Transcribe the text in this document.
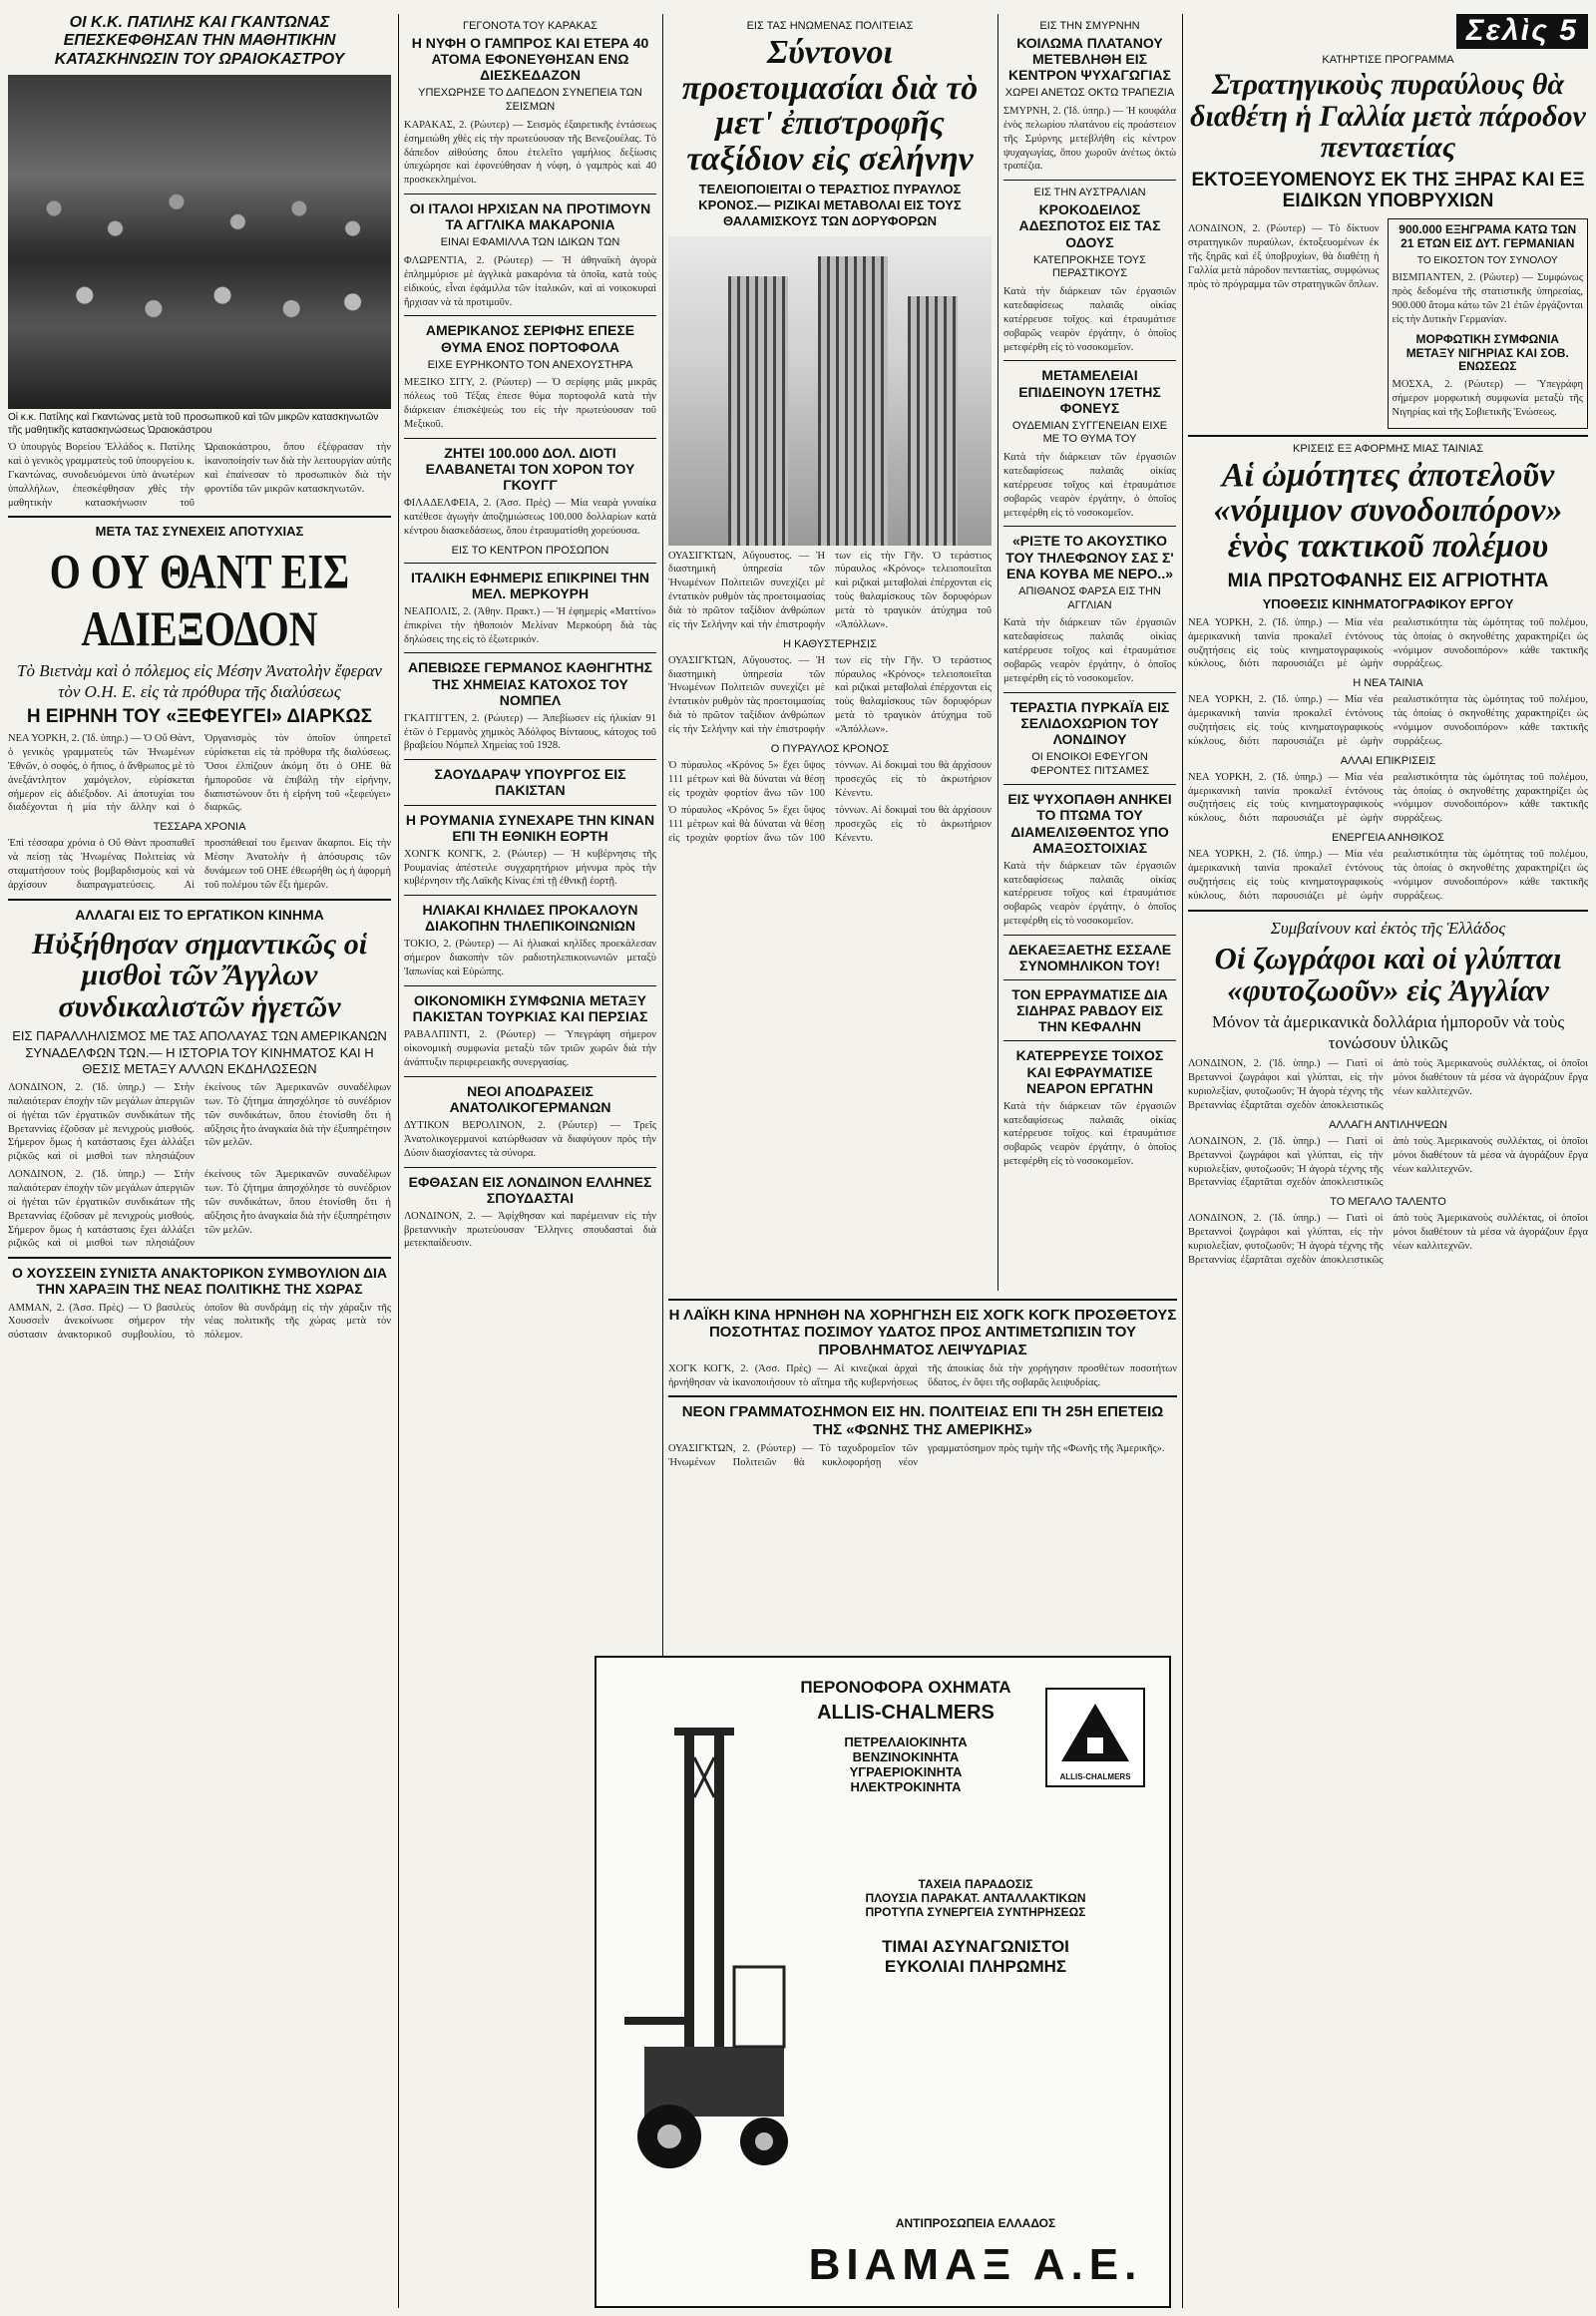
ΟΙ Κ.Κ. ΠΑΤΙΛΗΣ ΚΑΙ ΓΚΑΝΤΩΝΑΣ ΕΠΕΣΚΕΦΘΗΣΑΝ ΤΗΝ ΜΑΘΗΤΙΚΗΝ ΚΑΤΑΣΚΗΝΩΣΙΝ ΤΟΥ ΩΡΑΙΟΚΑΣΤΡΟΥ
Οἱ κ.κ. Πατίλης καὶ Γκαντώνας μετὰ τοῦ προσωπικοῦ καὶ τῶν μικρῶν κατασκηνωτῶν τῆς μαθητικῆς κατασκηνώσεως Ὡραιοκάστρου
Ὁ ὑπουργὸς Βορείου Ἑλλάδος κ. Πατίλης καὶ ὁ γενικὸς γραμματεὺς τοῦ ὑπουργείου κ. Γκαντώνας, συνοδευόμενοι ὑπὸ ἀνωτέρων ὑπαλλήλων, ἐπεσκέφθησαν χθὲς τὴν μαθητικὴν κατασκήνωσιν τοῦ Ὡραιοκάστρου, ὅπου ἐξέφρασαν τὴν ἱκανοποίησίν των διὰ τὴν λειτουργίαν αὐτῆς καὶ ἐπαίνεσαν τὸ προσωπικὸν διὰ τὴν φροντίδα τῶν μικρῶν κατασκηνωτῶν.
ΜΕΤΑ ΤΑΣ ΣΥΝΕΧΕΙΣ ΑΠΟΤΥΧΙΑΣ
Ο ΟΥ ΘΑΝΤ ΕΙΣ ΑΔΙΕΞΟΔΟΝ
Τὸ Βιετνὰμ καὶ ὁ πόλεμος εἰς Μέσην Ἀνατολὴν ἔφεραν τὸν Ο.Η. Ε. εἰς τὰ πρόθυρα τῆς διαλύσεως
Η ΕΙΡΗΝΗ ΤΟΥ «ΞΕΦΕΥΓΕΙ» ΔΙΑΡΚΩΣ
ΝΕΑ ΥΟΡΚΗ, 2. (Ἰδ. ὑπηρ.) — Ὁ Οὔ Θὰντ, ὁ γενικὸς γραμματεὺς τῶν Ἡνωμένων Ἐθνῶν, ὁ σοφός, ὁ ἤπιος, ὁ ἄνθρωπος μὲ τὸ ἀνεξάντλητον χαμόγελον, εὑρίσκεται σήμερον εἰς ἀδιέξοδον. Αἱ ἀποτυχίαι του διαδέχονται ἡ μία τὴν ἄλλην καὶ ὁ Ὀργανισμὸς τὸν ὁποῖον ὑπηρετεῖ εὑρίσκεται εἰς τὰ πρόθυρα τῆς διαλύσεως. Ὅσοι ἐλπίζουν ἀκόμη ὅτι ὁ ΟΗΕ θὰ ἠμποροῦσε νὰ ἐπιβάλῃ τὴν εἰρήνην, διαπιστώνουν ὅτι ἡ εἰρήνη τοῦ «ξεφεύγει» διαρκῶς.
ΤΕΣΣΑΡΑ ΧΡΟΝΙΑ
Ἐπὶ τέσσαρα χρόνια ὁ Οὔ Θὰντ προσπαθεῖ νὰ πείσῃ τὰς Ἡνωμένας Πολιτείας νὰ σταματήσουν τοὺς βομβαρδισμοὺς καὶ νὰ ἀρχίσουν διαπραγματεύσεις. Αἱ προσπάθειαί του ἔμειναν ἄκαρποι. Εἰς τὴν Μέσην Ἀνατολὴν ἡ ἀπόσυρσις τῶν δυνάμεων τοῦ ΟΗΕ ἐθεωρήθη ὡς ἡ ἀφορμὴ τοῦ πολέμου τῶν ἕξι ἡμερῶν.
ΑΛΛΑΓΑΙ ΕΙΣ ΤΟ ΕΡΓΑΤΙΚΟΝ ΚΙΝΗΜΑ
Ηὐξήθησαν σημαντικῶς οἱ μισθοὶ τῶν Ἄγγλων συνδικαλιστῶν ἡγετῶν
ΕΙΣ ΠΑΡΑΛΛΗΛΙΣΜΟΣ ΜΕ ΤΑΣ ΑΠΟΛΑΥΑΣ ΤΩΝ ΑΜΕΡΙΚΑΝΩΝ ΣΥΝΑΔΕΛΦΩΝ ΤΩΝ.— Η ΙΣΤΟΡΙΑ ΤΟΥ ΚΙΝΗΜΑΤΟΣ ΚΑΙ Η ΘΕΣΙΣ ΜΕΤΑΞΥ ΑΛΛΩΝ ΕΚΔΗΛΩΣΕΩΝ
ΛΟΝΔΙΝΟΝ, 2. (Ἰδ. ὑπηρ.) — Στὴν παλαιότεραν ἐποχὴν τῶν μεγάλων ἀπεργιῶν οἱ ἡγέται τῶν ἐργατικῶν συνδικάτων τῆς Βρεταννίας ἐζοῦσαν μὲ πενιχροὺς μισθούς. Σήμερον ὅμως ἡ κατάστασις ἔχει ἀλλάξει ριζικῶς καὶ οἱ μισθοὶ των πλησιάζουν ἐκείνους τῶν Ἀμερικανῶν συναδέλφων των. Τὸ ζήτημα ἀπησχόλησε τὸ συνέδριον τῶν συνδικάτων, ὅπου ἐτονίσθη ὅτι ἡ αὔξησις ἦτο ἀναγκαία διὰ τὴν ἐξυπηρέτησιν τῶν μελῶν.
ΛΟΝΔΙΝΟΝ, 2. (Ἰδ. ὑπηρ.) — Στὴν παλαιότεραν ἐποχὴν τῶν μεγάλων ἀπεργιῶν οἱ ἡγέται τῶν ἐργατικῶν συνδικάτων τῆς Βρεταννίας ἐζοῦσαν μὲ πενιχροὺς μισθούς. Σήμερον ὅμως ἡ κατάστασις ἔχει ἀλλάξει ριζικῶς καὶ οἱ μισθοὶ των πλησιάζουν ἐκείνους τῶν Ἀμερικανῶν συναδέλφων των. Τὸ ζήτημα ἀπησχόλησε τὸ συνέδριον τῶν συνδικάτων, ὅπου ἐτονίσθη ὅτι ἡ αὔξησις ἦτο ἀναγκαία διὰ τὴν ἐξυπηρέτησιν τῶν μελῶν.
Ο ΧΟΥΣΣΕΙΝ ΣΥΝΙΣΤΑ ΑΝΑΚΤΟΡΙΚΟΝ ΣΥΜΒΟΥΛΙΟΝ ΔΙΑ ΤΗΝ ΧΑΡΑΞΙΝ ΤΗΣ ΝΕΑΣ ΠΟΛΙΤΙΚΗΣ ΤΗΣ ΧΩΡΑΣ
ΑΜΜΑΝ, 2. (Ἀσσ. Πρὲς) — Ὁ βασιλεὺς Χουσσεῒν ἀνεκοίνωσε σήμερον τὴν σύστασιν ἀνακτορικοῦ συμβουλίου, τὸ ὁποῖον θὰ συνδράμῃ εἰς τὴν χάραξιν τῆς νέας πολιτικῆς τῆς χώρας μετὰ τὸν πόλεμον.
ΓΕΓΟΝΟΤΑ ΤΟΥ ΚΑΡΑΚΑΣ
Η ΝΥΦΗ Ο ΓΑΜΠΡΟΣ ΚΑΙ ΕΤΕΡΑ 40 ΑΤΟΜΑ ΕΦΟΝΕΥΘΗΣΑΝ ΕΝΩ ΔΙΕΣΚΕΔΑΖΟΝ
ΥΠΕΧΩΡΗΣΕ ΤΟ ΔΑΠΕΔΟΝ ΣΥΝΕΠΕΙΑ ΤΩΝ ΣΕΙΣΜΩΝ
ΚΑΡΑΚΑΣ, 2. (Ρώυτερ) — Σεισμὸς ἐξαιρετικῆς ἐντάσεως ἐσημειώθη χθὲς εἰς τὴν πρωτεύουσαν τῆς Βενεζουέλας. Τὸ δάπεδον αἰθούσης ὅπου ἐτελεῖτο γαμήλιος δεξίωσις ὑπεχώρησε καὶ ἐφονεύθησαν ἡ νύφη, ὁ γαμπρὸς καὶ 40 προσκεκλημένοι.
ΟΙ ΙΤΑΛΟΙ ΗΡΧΙΣΑΝ ΝΑ ΠΡΟΤΙΜΟΥΝ ΤΑ ΑΓΓΛΙΚΑ ΜΑΚΑΡΟΝΙΑ
ΕΙΝΑΙ ΕΦΑΜΙΛΛΑ ΤΩΝ ΙΔΙΚΩΝ ΤΩΝ
ΦΛΩΡΕΝΤΙΑ, 2. (Ρώυτερ) — Ἡ ἀθηναϊκὴ ἀγορὰ ἐπλημμύρισε μὲ ἀγγλικὰ μακαρόνια τὰ ὁποῖα, κατὰ τοὺς εἰδικούς, εἶναι ἐφάμιλλα τῶν ἰταλικῶν, καὶ αἱ νοικοκυραὶ ἤρχισαν νὰ τὰ προτιμοῦν.
ΑΜΕΡΙΚΑΝΟΣ ΣΕΡΙΦΗΣ ΕΠΕΣΕ ΘΥΜΑ ΕΝΟΣ ΠΟΡΤΟΦΟΛΑ
ΕΙΧΕ ΕΥΡΗΚΟΝΤΟ ΤΟΝ ΑΝΕΧΟΥΣΤΗΡΑ
ΜΕΞΙΚΟ ΣΙΤΥ, 2. (Ρώυτερ) — Ὁ σερίφης μιᾶς μικρᾶς πόλεως τοῦ Τέξας ἐπεσε θύμα πορτοφολᾶ κατὰ τὴν διάρκειαν ἐπισκέψεώς του εἰς τὴν πρωτεύουσαν τοῦ Μεξικοῦ.
ΖΗΤΕΙ 100.000 ΔΟΛ. ΔΙΟΤΙ ΕΛΑΒΑΝΕΤΑΙ ΤΟΝ ΧΟΡΟΝ ΤΟΥ ΓΚΟΥΓΓ
ΦΙΛΑΔΕΛΦΕΙΑ, 2. (Ἀσσ. Πρὲς) — Μία νεαρὰ γυναίκα κατέθεσε ἀγωγὴν ἀποζημιώσεως 100.000 δολλαρίων κατὰ κέντρου διασκεδάσεως, ὅπου ἐτραυματίσθη χορεύουσα.
ΕΙΣ ΤΟ ΚΕΝΤΡΟΝ ΠΡΟΣΩΠΟΝ
ΙΤΑΛΙΚΗ ΕΦΗΜΕΡΙΣ ΕΠΙΚΡΙΝΕΙ ΤΗΝ ΜΕΛ. ΜΕΡΚΟΥΡΗ
ΝΕΑΠΟΛΙΣ, 2. (Ἀθην. Πρακτ.) — Ἡ ἐφημερὶς «Ματτίνο» ἐπικρίνει τὴν ἠθοποιὸν Μελίναν Μερκούρη διὰ τὰς δηλώσεις της εἰς τὸ ἐξωτερικόν.
ΑΠΕΒΙΩΣΕ ΓΕΡΜΑΝΟΣ ΚΑΘΗΓΗΤΗΣ ΤΗΣ ΧΗΜΕΙΑΣ ΚΑΤΟΧΟΣ ΤΟΥ ΝΟΜΠΕΛ
ΓΚΑΙΤΙΓΓΕΝ, 2. (Ρώυτερ) — Ἀπεβίωσεν εἰς ἡλικίαν 91 ἐτῶν ὁ Γερμανὸς χημικὸς Ἀδόλφος Βίνταους, κάτοχος τοῦ βραβείου Νόμπελ Χημείας τοῦ 1928.
ΣΑΟΥΔΑΡΑΨ ΥΠΟΥΡΓΟΣ ΕΙΣ ΠΑΚΙΣΤΑΝ
Η ΡΟΥΜΑΝΙΑ ΣΥΝΕΧΑΡΕ ΤΗΝ ΚΙΝΑΝ ΕΠΙ ΤΗ ΕΘΝΙΚΗ ΕΟΡΤΗ
ΧΟΝΓΚ ΚΟΝΓΚ, 2. (Ρώυτερ) — Ἡ κυβέρνησις τῆς Ρουμανίας ἀπέστειλε συγχαρητήριον μήνυμα πρὸς τὴν κυβέρνησιν τῆς Λαϊκῆς Κίνας ἐπὶ τῇ ἐθνικῇ ἑορτῇ.
ΗΛΙΑΚΑΙ ΚΗΛΙΔΕΣ ΠΡΟΚΑΛΟΥΝ ΔΙΑΚΟΠΗΝ ΤΗΛΕΠΙΚΟΙΝΩΝΙΩΝ
ΤΟΚΙΟ, 2. (Ρώυτερ) — Αἱ ἡλιακαὶ κηλῖδες προεκάλεσαν σήμερον διακοπὴν τῶν ραδιοτηλεπικοινωνιῶν μεταξὺ Ἰαπωνίας καὶ Εὐρώπης.
ΟΙΚΟΝΟΜΙΚΗ ΣΥΜΦΩΝΙΑ ΜΕΤΑΞΥ ΠΑΚΙΣΤΑΝ ΤΟΥΡΚΙΑΣ ΚΑΙ ΠΕΡΣΙΑΣ
ΡΑΒΑΛΠΙΝΤΙ, 2. (Ρώυτερ) — Ὑπεγράφη σήμερον οἰκονομικὴ συμφωνία μεταξὺ τῶν τριῶν χωρῶν διὰ τὴν ἀνάπτυξιν περιφερειακῆς συνεργασίας.
ΝΕΟΙ ΑΠΟΔΡΑΣΕΙΣ ΑΝΑΤΟΛΙΚΟΓΕΡΜΑΝΩΝ
ΔΥΤΙΚΟΝ ΒΕΡΟΛΙΝΟΝ, 2. (Ρώυτερ) — Τρεῖς Ἀνατολικογερμανοὶ κατώρθωσαν νὰ διαφύγουν πρὸς τὴν Δύσιν διασχίσαντες τὰ σύνορα.
ΕΦΘΑΣΑΝ ΕΙΣ ΛΟΝΔΙΝΟΝ ΕΛΛΗΝΕΣ ΣΠΟΥΔΑΣΤΑΙ
ΛΟΝΔΙΝΟΝ, 2. — Ἀφίχθησαν καὶ παρέμειναν εἰς τὴν βρεταννικὴν πρωτεύουσαν Ἕλληνες σπουδασταὶ διὰ μετεκπαίδευσιν.
ΕΙΣ ΤΑΣ ΗΝΩΜΕΝΑΣ ΠΟΛΙΤΕΙΑΣ
Σύντονοι προετοιμασίαι διὰ τὸ μετ' ἐπιστροφῆς ταξίδιον εἰς σελήνην
ΤΕΛΕΙΟΠΟΙΕΙΤΑΙ Ο ΤΕΡΑΣΤΙΟΣ ΠΥΡΑΥΛΟΣ ΚΡΟΝΟΣ.— ΡΙΖΙΚΑΙ ΜΕΤΑΒΟΛΑΙ ΕΙΣ ΤΟΥΣ ΘΑΛΑΜΙΣΚΟΥΣ ΤΩΝ ΔΟΡΥΦΟΡΩΝ
ΟΥΑΣΙΓΚΤΩΝ, Αὔγουστος. — Ἡ διαστημικὴ ὑπηρεσία τῶν Ἡνωμένων Πολιτειῶν συνεχίζει μὲ ἐντατικὸν ρυθμὸν τὰς προετοιμασίας διὰ τὸ πρῶτον ταξίδιον ἀνθρώπων εἰς τὴν Σελήνην καὶ τὴν ἐπιστροφήν των εἰς τὴν Γῆν. Ὁ τεράστιος πύραυλος «Κρόνος» τελειοποιεῖται καὶ ριζικαὶ μεταβολαὶ ἐπέρχονται εἰς τοὺς θαλαμίσκους τῶν δορυφόρων μετὰ τὸ τραγικὸν ἀτύχημα τοῦ «Ἀπόλλων».
Η ΚΑΘΥΣΤΕΡΗΣΙΣ
ΟΥΑΣΙΓΚΤΩΝ, Αὔγουστος. — Ἡ διαστημικὴ ὑπηρεσία τῶν Ἡνωμένων Πολιτειῶν συνεχίζει μὲ ἐντατικὸν ρυθμὸν τὰς προετοιμασίας διὰ τὸ πρῶτον ταξίδιον ἀνθρώπων εἰς τὴν Σελήνην καὶ τὴν ἐπιστροφήν των εἰς τὴν Γῆν. Ὁ τεράστιος πύραυλος «Κρόνος» τελειοποιεῖται καὶ ριζικαὶ μεταβολαὶ ἐπέρχονται εἰς τοὺς θαλαμίσκους τῶν δορυφόρων μετὰ τὸ τραγικὸν ἀτύχημα τοῦ «Ἀπόλλων».
Ο ΠΥΡΑΥΛΟΣ ΚΡΟΝΟΣ
Ὁ πύραυλος «Κρόνος 5» ἔχει ὕψος 111 μέτρων καὶ θὰ δύναται νὰ θέσῃ εἰς τροχιὰν φορτίον ἄνω τῶν 100 τόννων. Αἱ δοκιμαὶ του θὰ ἀρχίσουν προσεχῶς εἰς τὸ ἀκρωτήριον Κένεντυ.
Ὁ πύραυλος «Κρόνος 5» ἔχει ὕψος 111 μέτρων καὶ θὰ δύναται νὰ θέσῃ εἰς τροχιὰν φορτίον ἄνω τῶν 100 τόννων. Αἱ δοκιμαὶ του θὰ ἀρχίσουν προσεχῶς εἰς τὸ ἀκρωτήριον Κένεντυ.
Η ΛΑΪΚΗ ΚΙΝΑ ΗΡΝΗΘΗ ΝΑ ΧΟΡΗΓΗΣΗ ΕΙΣ ΧΟΓΚ ΚΟΓΚ ΠΡΟΣΘΕΤΟΥΣ ΠΟΣΟΤΗΤΑΣ ΠΟΣΙΜΟΥ ΥΔΑΤΟΣ ΠΡΟΣ ΑΝΤΙΜΕΤΩΠΙΣΙΝ ΤΟΥ ΠΡΟΒΛΗΜΑΤΟΣ ΛΕΙΨΥΔΡΙΑΣ
ΧΟΓΚ ΚΟΓΚ, 2. (Ἀσσ. Πρὲς) — Αἱ κινεζικαὶ ἀρχαὶ ἠρνήθησαν νὰ ἱκανοποιήσουν τὸ αἴτημα τῆς κυβερνήσεως τῆς ἀποικίας διὰ τὴν χορήγησιν προσθέτων ποσοτήτων ὕδατος, ἐν ὄψει τῆς σοβαρᾶς λειψυδρίας.
ΝΕΟΝ ΓΡΑΜΜΑΤΟΣΗΜΟΝ ΕΙΣ ΗΝ. ΠΟΛΙΤΕΙΑΣ ΕΠΙ ΤΗ 25Η ΕΠΕΤΕΙΩ ΤΗΣ «ΦΩΝΗΣ ΤΗΣ ΑΜΕΡΙΚΗΣ»
ΟΥΑΣΙΓΚΤΩΝ, 2. (Ρώυτερ) — Τὸ ταχυδρομεῖον τῶν Ἡνωμένων Πολιτειῶν θὰ κυκλοφορήσῃ νέον γραμματόσημον πρὸς τιμὴν τῆς «Φωνῆς τῆς Ἀμερικῆς».
ΕΙΣ ΤΗΝ ΣΜΥΡΝΗΝ
ΚΟΙΛΩΜΑ ΠΛΑΤΑΝΟΥ ΜΕΤΕΒΛΗΘΗ ΕΙΣ ΚΕΝΤΡΟΝ ΨΥΧΑΓΩΓΙΑΣ
ΧΩΡΕΙ ΑΝΕΤΩΣ ΟΚΤΩ ΤΡΑΠΕΖΙΑ
ΣΜΥΡΝΗ, 2. (Ἰδ. ὑπηρ.) — Ἡ κουφάλα ἑνὸς πελωρίου πλατάνου εἰς προάστειον τῆς Σμύρνης μετεβλήθη εἰς κέντρον ψυχαγωγίας, ὅπου χωροῦν ἀνέτως ὀκτὼ τραπέζια.
ΕΙΣ ΤΗΝ ΑΥΣΤΡΑΛΙΑΝ
ΚΡΟΚΟΔΕΙΛΟΣ ΑΔΕΣΠΟΤΟΣ ΕΙΣ ΤΑΣ ΟΔΟΥΣ
ΚΑΤΕΠΡΟΚΗΣΕ ΤΟΥΣ ΠΕΡΑΣΤΙΚΟΥΣ
Κατὰ τὴν διάρκειαν τῶν ἐργασιῶν κατεδαφίσεως παλαιᾶς οἰκίας κατέρρευσε τοῖχος καὶ ἐτραυμάτισε σοβαρῶς νεαρὸν ἐργάτην, ὁ ὁποῖος μετεφέρθη εἰς τὸ νοσοκομεῖον.
ΜΕΤΑΜΕΛΕΙΑΙ ΕΠΙΔΕΙΝΟΥΝ 17ΕΤΗΣ ΦΟΝΕΥΣ
ΟΥΔΕΜΙΑΝ ΣΥΓΓΕΝΕΙΑΝ ΕΙΧΕ ΜΕ ΤΟ ΘΥΜΑ ΤΟΥ
Κατὰ τὴν διάρκειαν τῶν ἐργασιῶν κατεδαφίσεως παλαιᾶς οἰκίας κατέρρευσε τοῖχος καὶ ἐτραυμάτισε σοβαρῶς νεαρὸν ἐργάτην, ὁ ὁποῖος μετεφέρθη εἰς τὸ νοσοκομεῖον.
«ΡΙΞΤΕ ΤΟ ΑΚΟΥΣΤΙΚΟ ΤΟΥ ΤΗΛΕΦΩΝΟΥ ΣΑΣ Σ' ΕΝΑ ΚΟΥΒΑ ΜΕ ΝΕΡΟ..»
ΑΠΙΘΑΝΟΣ ΦΑΡΣΑ ΕΙΣ ΤΗΝ ΑΓΓΛΙΑΝ
Κατὰ τὴν διάρκειαν τῶν ἐργασιῶν κατεδαφίσεως παλαιᾶς οἰκίας κατέρρευσε τοῖχος καὶ ἐτραυμάτισε σοβαρῶς νεαρὸν ἐργάτην, ὁ ὁποῖος μετεφέρθη εἰς τὸ νοσοκομεῖον.
ΤΕΡΑΣΤΙΑ ΠΥΡΚΑΪΑ ΕΙΣ ΣΕΛΙΔΟΧΩΡΙΟΝ ΤΟΥ ΛΟΝΔΙΝΟΥ
ΟΙ ΕΝΟΙΚΟΙ ΕΦΕΥΓΟΝ ΦΕΡΟΝΤΕΣ ΠΙΤΣΑΜΕΣ
ΕΙΣ ΨΥΧΟΠΑΘΗ ΑΝΗΚΕΙ ΤΟ ΠΤΩΜΑ ΤΟΥ ΔΙΑΜΕΛΙΣΘΕΝΤΟΣ ΥΠΟ ΑΜΑΞΟΣΤΟΙΧΙΑΣ
Κατὰ τὴν διάρκειαν τῶν ἐργασιῶν κατεδαφίσεως παλαιᾶς οἰκίας κατέρρευσε τοῖχος καὶ ἐτραυμάτισε σοβαρῶς νεαρὸν ἐργάτην, ὁ ὁποῖος μετεφέρθη εἰς τὸ νοσοκομεῖον.
ΔΕΚΑΕΞΑΕΤΗΣ ΕΣΣΑΛΕ ΣΥΝΟΜΗΛΙΚΟΝ ΤΟΥ!
ΤΟΝ ΕΡΡΑΥΜΑΤΙΣΕ ΔΙΑ ΣΙΔΗΡΑΣ ΡΑΒΔΟΥ ΕΙΣ ΤΗΝ ΚΕΦΑΛΗΝ
ΚΑΤΕΡΡΕΥΣΕ ΤΟΙΧΟΣ ΚΑΙ ΕΦΡΑΥΜΑΤΙΣΕ ΝΕΑΡΟΝ ΕΡΓΑΤΗΝ
Κατὰ τὴν διάρκειαν τῶν ἐργασιῶν κατεδαφίσεως παλαιᾶς οἰκίας κατέρρευσε τοῖχος καὶ ἐτραυμάτισε σοβαρῶς νεαρὸν ἐργάτην, ὁ ὁποῖος μετεφέρθη εἰς τὸ νοσοκομεῖον.
ΠΕΡΟΝΟΦΟΡΑ ΟΧΗΜΑΤΑ
ALLIS-CHALMERS
ΠΕΤΡΕΛΑΙΟΚΙΝΗΤΑ
ΒΕΝΖΙΝΟΚΙΝΗΤΑ
ΥΓΡΑΕΡΙΟΚΙΝΗΤΑ
ΗΛΕΚΤΡΟΚΙΝΗΤΑ
ALLIS-CHALMERS
ΤΑΧΕΙΑ ΠΑΡΑΔΟΣΙΣ
ΠΛΟΥΣΙΑ ΠΑΡΑΚΑΤ. ΑΝΤΑΛΛΑΚΤΙΚΩΝ
ΠΡΟΤΥΠΑ ΣΥΝΕΡΓΕΙΑ ΣΥΝΤΗΡΗΣΕΩΣ
ΤΙΜΑΙ ΑΣΥΝΑΓΩΝΙΣΤΟΙ
ΕΥΚΟΛΙΑΙ ΠΛΗΡΩΜΗΣ
ΑΝΤΙΠΡΟΣΩΠΕΙΑ ΕΛΛΑΔΟΣ
ΒΙΑΜΑΞ Α.Ε.
Σελὶς 5
ΚΑΤΗΡΤΙΣΕ ΠΡΟΓΡΑΜΜΑ
Στρατηγικοὺς πυραύλους θὰ διαθέτη ἡ Γαλλία μετὰ πάροδον πενταετίας
ΕΚΤΟΞΕΥΟΜΕΝΟΥΣ ΕΚ ΤΗΣ ΞΗΡΑΣ ΚΑΙ ΕΞ ΕΙΔΙΚΩΝ ΥΠΟΒΡΥΧΙΩΝ
ΛΟΝΔΙΝΟΝ, 2. (Ρώυτερ) — Τὸ δίκτυον στρατηγικῶν πυραύλων, ἐκτοξευομένων ἐκ τῆς ξηρᾶς καὶ ἐξ ὑποβρυχίων, θὰ διαθέτῃ ἡ Γαλλία μετὰ πάροδον πενταετίας, συμφώνως πρὸς τὸ πρόγραμμα τῶν στρατηγικῶν ὅπλων.
900.000 ΕΞΗΓΡΑΜΑ ΚΑΤΩ ΤΩΝ 21 ΕΤΩΝ ΕΙΣ ΔΥΤ. ΓΕΡΜΑΝΙΑΝ
ΤΟ ΕΙΚΟΣΤΟΝ ΤΟΥ ΣΥΝΟΛΟΥ
ΒΙΣΜΠΑΝΤΕΝ, 2. (Ρώυτερ) — Συμφώνως πρὸς δεδομένα τῆς στατιστικῆς ὑπηρεσίας, 900.000 ἄτομα κάτω τῶν 21 ἐτῶν ἐργάζονται εἰς τὴν Δυτικὴν Γερμανίαν.
ΜΟΡΦΩΤΙΚΗ ΣΥΜΦΩΝΙΑ ΜΕΤΑΞΥ ΝΙΓΗΡΙΑΣ ΚΑΙ ΣΟΒ. ΕΝΩΣΕΩΣ
ΜΟΣΧΑ, 2. (Ρώυτερ) — Ὑπεγράφη σήμερον μορφωτικὴ συμφωνία μεταξὺ τῆς Νιγηρίας καὶ τῆς Σοβιετικῆς Ἑνώσεως.
ΚΡΙΣΕΙΣ ΕΞ ΑΦΟΡΜΗΣ ΜΙΑΣ ΤΑΙΝΙΑΣ
Αἱ ὠμότητες ἀποτελοῦν «νόμιμον συνοδοιπόρον» ἑνὸς τακτικοῦ πολέμου
ΜΙΑ ΠΡΩΤΟΦΑΝΗΣ ΕΙΣ ΑΓΡΙΟΤΗΤΑ
ΥΠΟΘΕΣΙΣ ΚΙΝΗΜΑΤΟΓΡΑΦΙΚΟΥ ΕΡΓΟΥ
ΝΕΑ ΥΟΡΚΗ, 2. (Ἰδ. ὑπηρ.) — Μία νέα ἀμερικανικὴ ταινία προκαλεῖ ἐντόνους συζητήσεις εἰς τοὺς κινηματογραφικοὺς κύκλους, διότι παρουσιάζει μὲ ὠμὴν ρεαλιστικότητα τὰς ὠμότητας τοῦ πολέμου, τὰς ὁποίας ὁ σκηνοθέτης χαρακτηρίζει ὡς «νόμιμον συνοδοιπόρον» κάθε τακτικῆς συρράξεως.
Η ΝΕΑ ΤΑΙΝΙΑ
ΝΕΑ ΥΟΡΚΗ, 2. (Ἰδ. ὑπηρ.) — Μία νέα ἀμερικανικὴ ταινία προκαλεῖ ἐντόνους συζητήσεις εἰς τοὺς κινηματογραφικοὺς κύκλους, διότι παρουσιάζει μὲ ὠμὴν ρεαλιστικότητα τὰς ὠμότητας τοῦ πολέμου, τὰς ὁποίας ὁ σκηνοθέτης χαρακτηρίζει ὡς «νόμιμον συνοδοιπόρον» κάθε τακτικῆς συρράξεως.
ΑΛΛΑΙ ΕΠΙΚΡΙΣΕΙΣ
ΝΕΑ ΥΟΡΚΗ, 2. (Ἰδ. ὑπηρ.) — Μία νέα ἀμερικανικὴ ταινία προκαλεῖ ἐντόνους συζητήσεις εἰς τοὺς κινηματογραφικοὺς κύκλους, διότι παρουσιάζει μὲ ὠμὴν ρεαλιστικότητα τὰς ὠμότητας τοῦ πολέμου, τὰς ὁποίας ὁ σκηνοθέτης χαρακτηρίζει ὡς «νόμιμον συνοδοιπόρον» κάθε τακτικῆς συρράξεως.
ΕΝΕΡΓΕΙΑ ΑΝΗΘΙΚΟΣ
ΝΕΑ ΥΟΡΚΗ, 2. (Ἰδ. ὑπηρ.) — Μία νέα ἀμερικανικὴ ταινία προκαλεῖ ἐντόνους συζητήσεις εἰς τοὺς κινηματογραφικοὺς κύκλους, διότι παρουσιάζει μὲ ὠμὴν ρεαλιστικότητα τὰς ὠμότητας τοῦ πολέμου, τὰς ὁποίας ὁ σκηνοθέτης χαρακτηρίζει ὡς «νόμιμον συνοδοιπόρον» κάθε τακτικῆς συρράξεως.
Συμβαίνουν καὶ ἐκτὸς τῆς Ἑλλάδος
Οἱ ζωγράφοι καὶ οἱ γλύπται «φυτοζωοῦν» εἰς Ἀγγλίαν
Μόνον τὰ ἀμερικανικὰ δολλάρια ἠμποροῦν νὰ τοὺς τονώσουν ὑλικῶς
ΛΟΝΔΙΝΟΝ, 2. (Ἰδ. ὑπηρ.) — Γιατὶ οἱ Βρεταννοὶ ζωγράφοι καὶ γλύπται, εἰς τὴν κυριολεξίαν, φυτοζωοῦν; Ἡ ἀγορὰ τέχνης τῆς Βρεταννίας ἐξαρτᾶται σχεδὸν ἀποκλειστικῶς ἀπὸ τοὺς Ἀμερικανοὺς συλλέκτας, οἱ ὁποῖοι μόνοι διαθέτουν τὰ μέσα νὰ ἀγοράζουν ἔργα νέων καλλιτεχνῶν.
ΑΛΛΑΓΗ ΑΝΤΙΛΗΨΕΩΝ
ΛΟΝΔΙΝΟΝ, 2. (Ἰδ. ὑπηρ.) — Γιατὶ οἱ Βρεταννοὶ ζωγράφοι καὶ γλύπται, εἰς τὴν κυριολεξίαν, φυτοζωοῦν; Ἡ ἀγορὰ τέχνης τῆς Βρεταννίας ἐξαρτᾶται σχεδὸν ἀποκλειστικῶς ἀπὸ τοὺς Ἀμερικανοὺς συλλέκτας, οἱ ὁποῖοι μόνοι διαθέτουν τὰ μέσα νὰ ἀγοράζουν ἔργα νέων καλλιτεχνῶν.
ΤΟ ΜΕΓΑΛΟ ΤΑΛΕΝΤΟ
ΛΟΝΔΙΝΟΝ, 2. (Ἰδ. ὑπηρ.) — Γιατὶ οἱ Βρεταννοὶ ζωγράφοι καὶ γλύπται, εἰς τὴν κυριολεξίαν, φυτοζωοῦν; Ἡ ἀγορὰ τέχνης τῆς Βρεταννίας ἐξαρτᾶται σχεδὸν ἀποκλειστικῶς ἀπὸ τοὺς Ἀμερικανοὺς συλλέκτας, οἱ ὁποῖοι μόνοι διαθέτουν τὰ μέσα νὰ ἀγοράζουν ἔργα νέων καλλιτεχνῶν.
